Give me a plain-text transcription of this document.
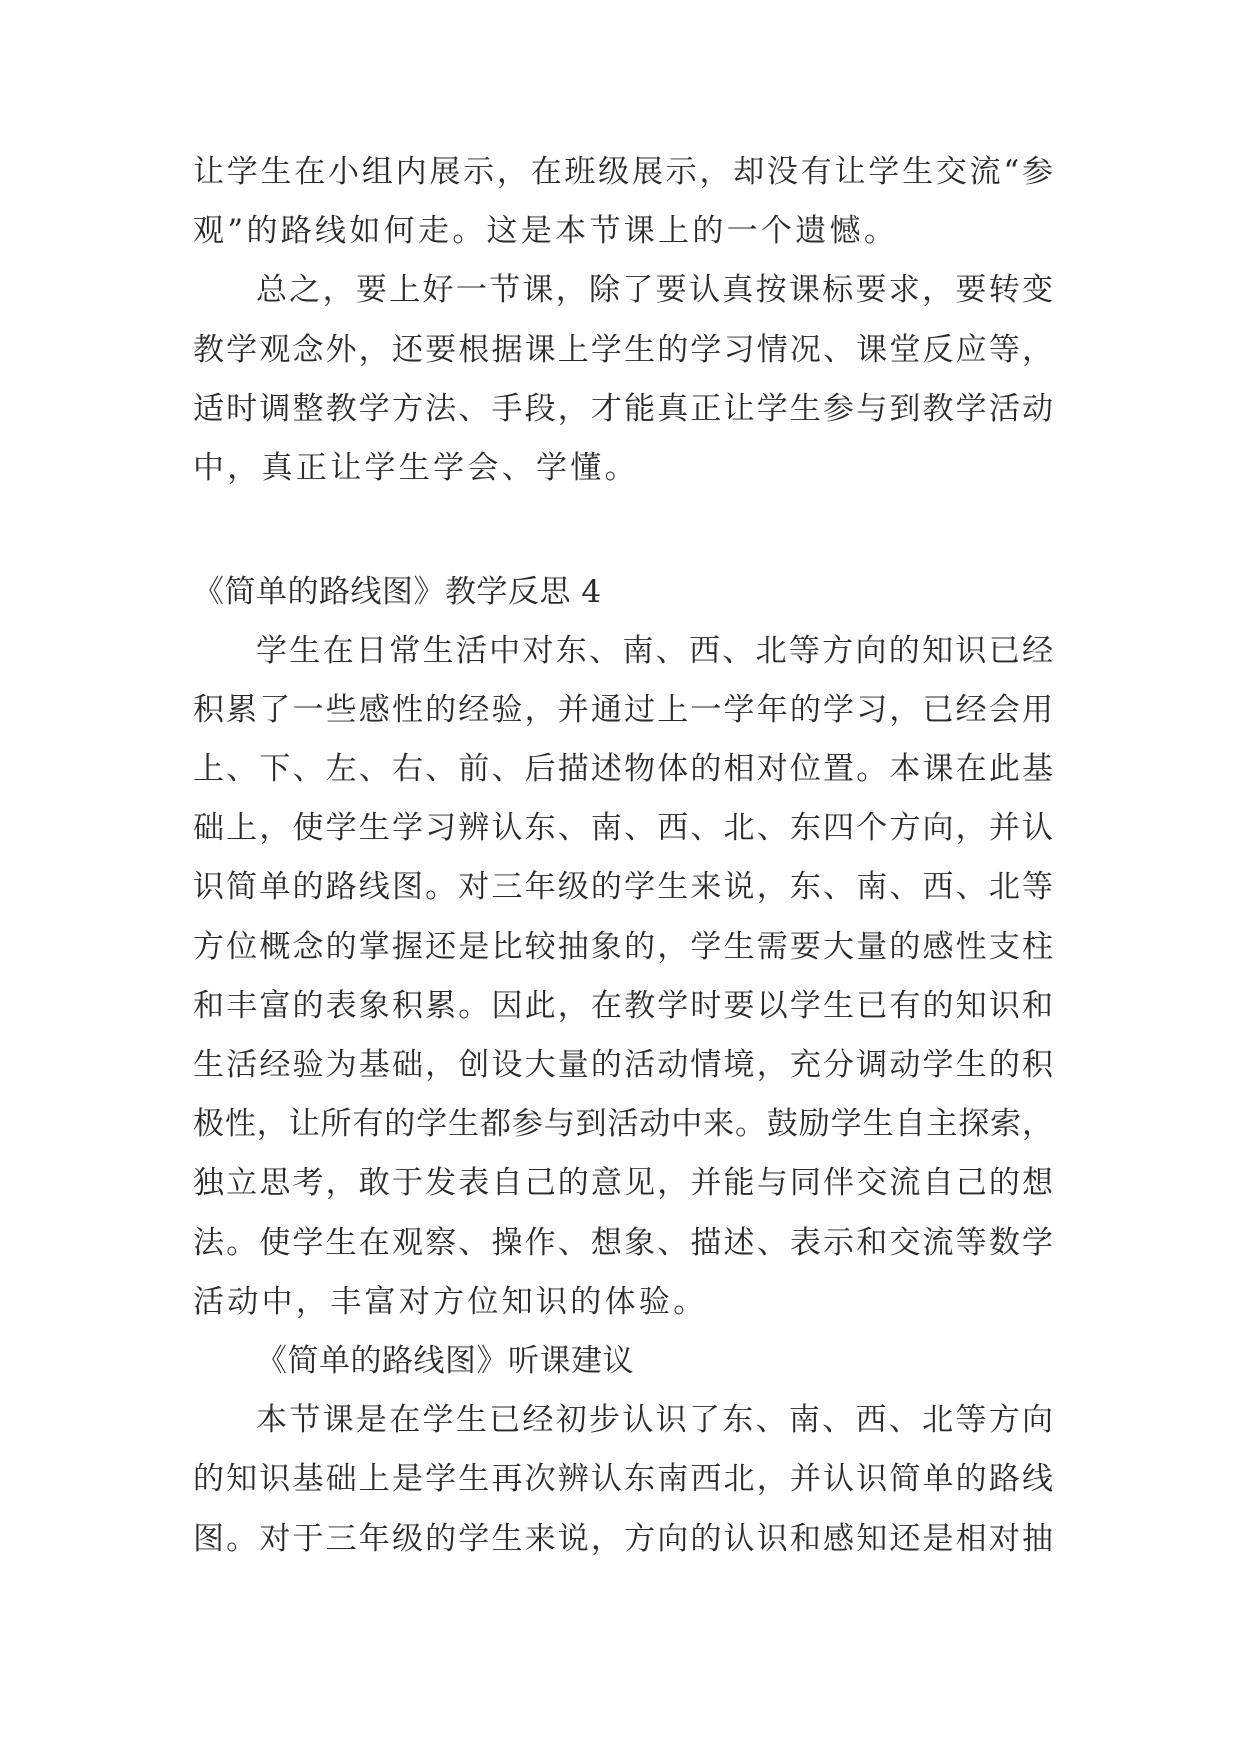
让学生在小组内展示，在班级展示，却没有让学生交流“参
观”的路线如何走。这是本节课上的一个遗憾。
总之，要上好一节课，除了要认真按课标要求，要转变
教学观念外，还要根据课上学生的学习情况、课堂反应等，
适时调整教学方法、手段，才能真正让学生参与到教学活动
中，真正让学生学会、学懂。
《简单的路线图》教学反思 4
学生在日常生活中对东、南、西、北等方向的知识已经
积累了一些感性的经验，并通过上一学年的学习，已经会用
上、下、左、右、前、后描述物体的相对位置。本课在此基
础上，使学生学习辨认东、南、西、北、东四个方向，并认
识简单的路线图。对三年级的学生来说，东、南、西、北等
方位概念的掌握还是比较抽象的，学生需要大量的感性支柱
和丰富的表象积累。因此，在教学时要以学生已有的知识和
生活经验为基础，创设大量的活动情境，充分调动学生的积
极性，让所有的学生都参与到活动中来。鼓励学生自主探索，
独立思考，敢于发表自己的意见，并能与同伴交流自己的想
法。使学生在观察、操作、想象、描述、表示和交流等数学
活动中，丰富对方位知识的体验。
《简单的路线图》听课建议
本节课是在学生已经初步认识了东、南、西、北等方向
的知识基础上是学生再次辨认东南西北，并认识简单的路线
图。对于三年级的学生来说，方向的认识和感知还是相对抽
